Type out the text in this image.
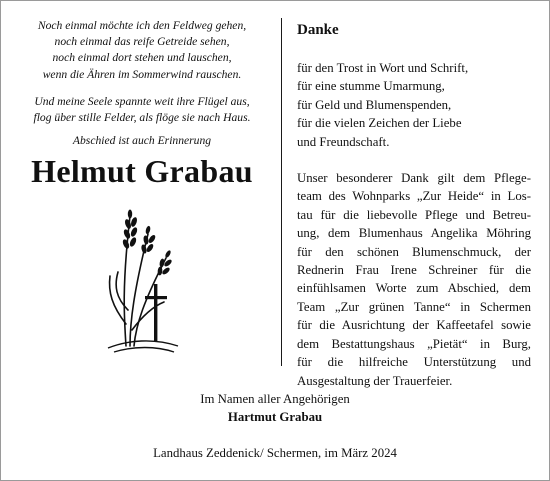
Noch einmal möchte ich den Feldweg gehen,
noch einmal das reife Getreide sehen,
noch einmal dort stehen und lauschen,
wenn die Ähren im Sommerwind rauschen.

Und meine Seele spannte weit ihre Flügel aus,
flog über stille Felder, als flöge sie nach Haus.

Abschied ist auch Erinnerung
Helmut Grabau
Danke

für den Trost in Wort und Schrift,
für eine stumme Umarmung,
für Geld und Blumenspenden,
für die vielen Zeichen der Liebe
und Freundschaft.

Unser besonderer Dank gilt dem Pflege-
team des Wohnparks „Zur Heide“ in Los-
tau für die liebevolle Pflege und Betreu-
ung, dem Blumenhaus Angelika Möhring
für den schönen Blumenschmuck, der
Rednerin Frau Irene Schreiner für die
einfühlsamen Worte zum Abschied, dem
Team „Zur grünen Tanne“ in Schermen
für die Ausrichtung der Kaffeetafel sowie
dem Bestattungshaus „Pietät“ in Burg,
für die hilfreiche Unterstützung und
Ausgestaltung der Trauerfeier.

Im Namen aller Angehörigen
Hartmut Grabau
Landhaus Zeddenick/ Schermen, im März 2024
